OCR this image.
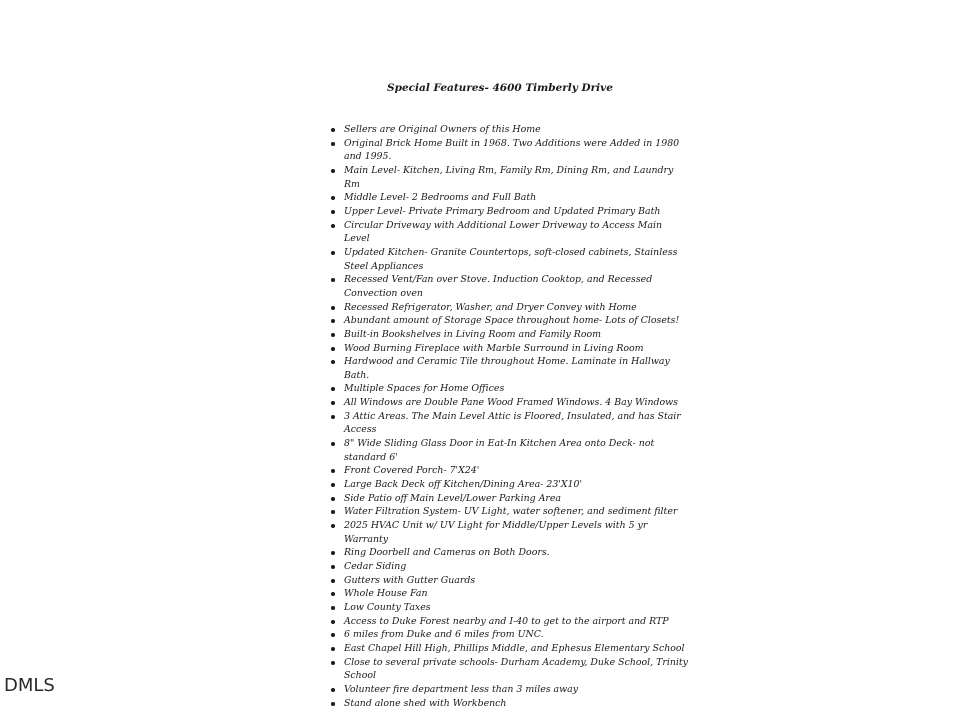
Special Features- 4600 Timberly Drive
Sellers are Original Owners of this Home
Original Brick Home Built in 1968. Two Additions were Added in 1980 and 1995.
Main Level- Kitchen, Living Rm, Family Rm, Dining Rm, and Laundry Rm
Middle Level- 2 Bedrooms and Full Bath
Upper Level- Private Primary Bedroom and Updated Primary Bath
Circular Driveway with Additional Lower Driveway to Access Main Level
Updated Kitchen- Granite Countertops, soft-closed cabinets, Stainless Steel Appliances
Recessed Vent/Fan over Stove. Induction Cooktop, and Recessed Convection oven
Recessed Refrigerator, Washer, and Dryer Convey with Home
Abundant amount of Storage Space throughout home- Lots of Closets!
Built-in Bookshelves in Living Room and Family Room
Wood Burning Fireplace with Marble Surround in Living Room
Hardwood and Ceramic Tile throughout Home. Laminate in Hallway Bath.
Multiple Spaces for Home Offices
All Windows are Double Pane Wood Framed Windows. 4 Bay Windows
3 Attic Areas. The Main Level Attic is Floored, Insulated, and has Stair Access
8" Wide Sliding Glass Door in Eat-In Kitchen Area onto Deck- not standard 6'
Front Covered Porch- 7'X24'
Large Back Deck off Kitchen/Dining Area- 23'X10'
Side Patio off Main Level/Lower Parking Area
Water Filtration System- UV Light, water softener, and sediment filter
2025 HVAC Unit w/ UV Light for Middle/Upper Levels with 5 yr Warranty
Ring Doorbell and Cameras on Both Doors.
Cedar Siding
Gutters with Gutter Guards
Whole House Fan
Low County Taxes
Access to Duke Forest nearby and I-40 to get to the airport and RTP
6 miles from Duke and 6 miles from UNC.
East Chapel Hill High, Phillips Middle, and Ephesus Elementary School
Close to several private schools- Durham Academy, Duke School, Trinity School
Volunteer fire department less than 3 miles away
Stand alone shed with Workbench
DMLS
